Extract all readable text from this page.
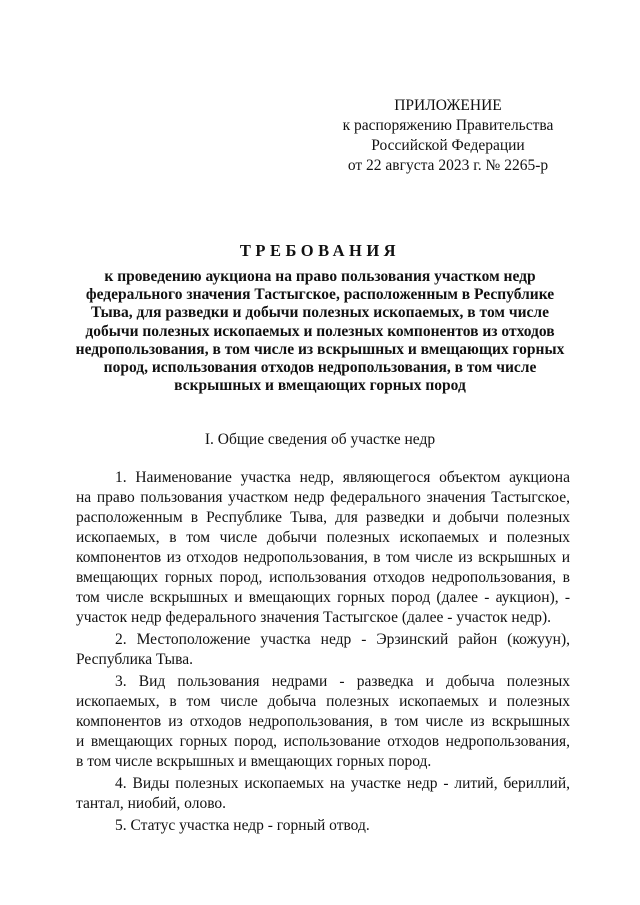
ПРИЛОЖЕНИЕ
к распоряжению Правительства
Российской Федерации
от 22 августа 2023 г. № 2265-р
ТРЕБОВАНИЯ
к проведению аукциона на право пользования участком недр
федерального значения Тастыгское, расположенным в Республике
Тыва, для разведки и добычи полезных ископаемых, в том числе
добычи полезных ископаемых и полезных компонентов из отходов
недропользования, в том числе из вскрышных и вмещающих горных
пород, использования отходов недропользования, в том числе
вскрышных и вмещающих горных пород
I. Общие сведения об участке недр
1. Наименование участка недр, являющегося объектом аукциона
на право пользования участком недр федерального значения Тастыгское,
расположенным в Республике Тыва, для разведки и добычи полезных
ископаемых, в том числе добычи полезных ископаемых и полезных
компонентов из отходов недропользования, в том числе из вскрышных и
вмещающих горных пород, использования отходов недропользования, в
том числе вскрышных и вмещающих горных пород (далее - аукцион), -
участок недр федерального значения Тастыгское (далее - участок недр).
2. Местоположение участка недр - Эрзинский район (кожуун),
Республика Тыва.
3. Вид пользования недрами - разведка и добыча полезных
ископаемых, в том числе добыча полезных ископаемых и полезных
компонентов из отходов недропользования, в том числе из вскрышных
и вмещающих горных пород, использование отходов недропользования,
в том числе вскрышных и вмещающих горных пород.
4. Виды полезных ископаемых на участке недр - литий, бериллий,
тантал, ниобий, олово.
5. Статус участка недр - горный отвод.
